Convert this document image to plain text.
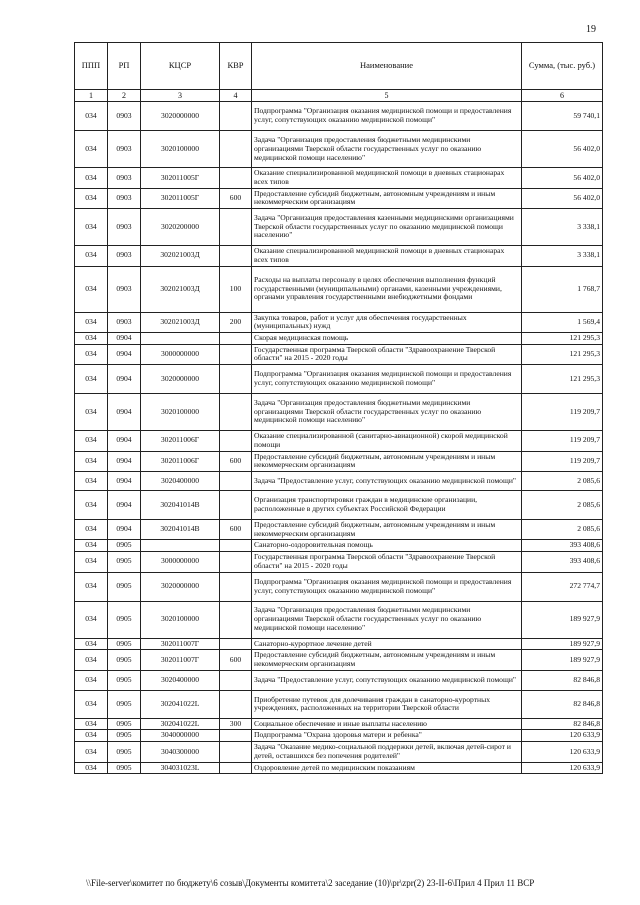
19
ППП	РП	КЦСР	КВР	Наименование	Сумма, (тыс. руб.)
1	2	3	4	5	6
034	0903	3020000000		Подпрограмма "Организация оказания медицинской помощи и предоставления услуг, сопутствующих оказанию медицинской помощи"	59 740,1
034	0903	3020100000		Задача "Организация предоставления бюджетными медицинскими организациями Тверской области государственных услуг по оказанию медицинской помощи населению"	56 402,0
034	0903	302011005Г		Оказание специализированной медицинской помощи в дневных стационарах всех типов	56 402,0
034	0903	302011005Г	600	Предоставление субсидий бюджетным, автономным учреждениям и иным некоммерческим организациям	56 402,0
034	0903	3020200000		Задача "Организация предоставления казенными медицинскими организациями Тверской области государственных услуг по оказанию медицинской помощи населению"	3 338,1
034	0903	302021003Д		Оказание специализированной медицинской помощи в дневных стационарах всех типов	3 338,1
034	0903	302021003Д	100	Расходы на выплаты персоналу в целях обеспечения выполнения функций государственными (муниципальными) органами, казенными учреждениями, органами управления государственными внебюджетными фондами	1 768,7
034	0903	302021003Д	200	Закупка товаров, работ и услуг для обеспечения государственных (муниципальных) нужд	1 569,4
034	0904			Скорая медицинская помощь	121 295,3
034	0904	3000000000		Государственная программа Тверской области "Здравоохранение Тверской области" на 2015 - 2020 годы	121 295,3
034	0904	3020000000		Подпрограмма "Организация оказания медицинской помощи и предоставления услуг, сопутствующих оказанию медицинской помощи"	121 295,3
034	0904	3020100000		Задача "Организация предоставления бюджетными медицинскими организациями Тверской области государственных услуг по оказанию медицинской помощи населению"	119 209,7
034	0904	302011006Г		Оказание специализированной (санитарно-авиационной) скорой медицинской помощи	119 209,7
034	0904	302011006Г	600	Предоставление субсидий бюджетным, автономным учреждениям и иным некоммерческим организациям	119 209,7
034	0904	3020400000		Задача "Предоставление услуг, сопутствующих оказанию медицинской помощи"	2 085,6
034	0904	302041014В		Организация транспортировки граждан в медицинские организации, расположенные в других субъектах Российской Федерации	2 085,6
034	0904	302041014В	600	Предоставление субсидий бюджетным, автономным учреждениям и иным некоммерческим организациям	2 085,6
034	0905			Санаторно-оздоровительная помощь	393 408,6
034	0905	3000000000		Государственная программа Тверской области "Здравоохранение Тверской области" на 2015 - 2020 годы	393 408,6
034	0905	3020000000		Подпрограмма "Организация оказания медицинской помощи и предоставления услуг, сопутствующих оказанию медицинской помощи"	272 774,7
034	0905	3020100000		Задача "Организация предоставления бюджетными медицинскими организациями Тверской области государственных услуг по оказанию медицинской помощи населению"	189 927,9
034	0905	302011007Г		Санаторно-курортное лечение детей	189 927,9
034	0905	302011007Г	600	Предоставление субсидий бюджетным, автономным учреждениям и иным некоммерческим организациям	189 927,9
034	0905	3020400000		Задача "Предоставление услуг, сопутствующих оказанию медицинской помощи"	82 846,8
034	0905	302041022L		Приобретение путевок для долечивания граждан в санаторно-курортных учреждениях, расположенных на территории Тверской области	82 846,8
034	0905	302041022L	300	Социальное обеспечение и иные выплаты населению	82 846,8
034	0905	3040000000		Подпрограмма "Охрана здоровья матери и ребенка"	120 633,9
034	0905	3040300000		Задача "Оказание медико-социальной поддержки детей, включая детей-сирот и детей, оставшихся без попечения родителей"	120 633,9
034	0905	304031023L		Оздоровление детей по медицинским показаниям	120 633,9
\\File-server\комитет по бюджету\6 созыв\Документы комитета\2 заседание (10)\pr\zpr(2) 23-II-6\Прил 4 Прил 11 ВСР
